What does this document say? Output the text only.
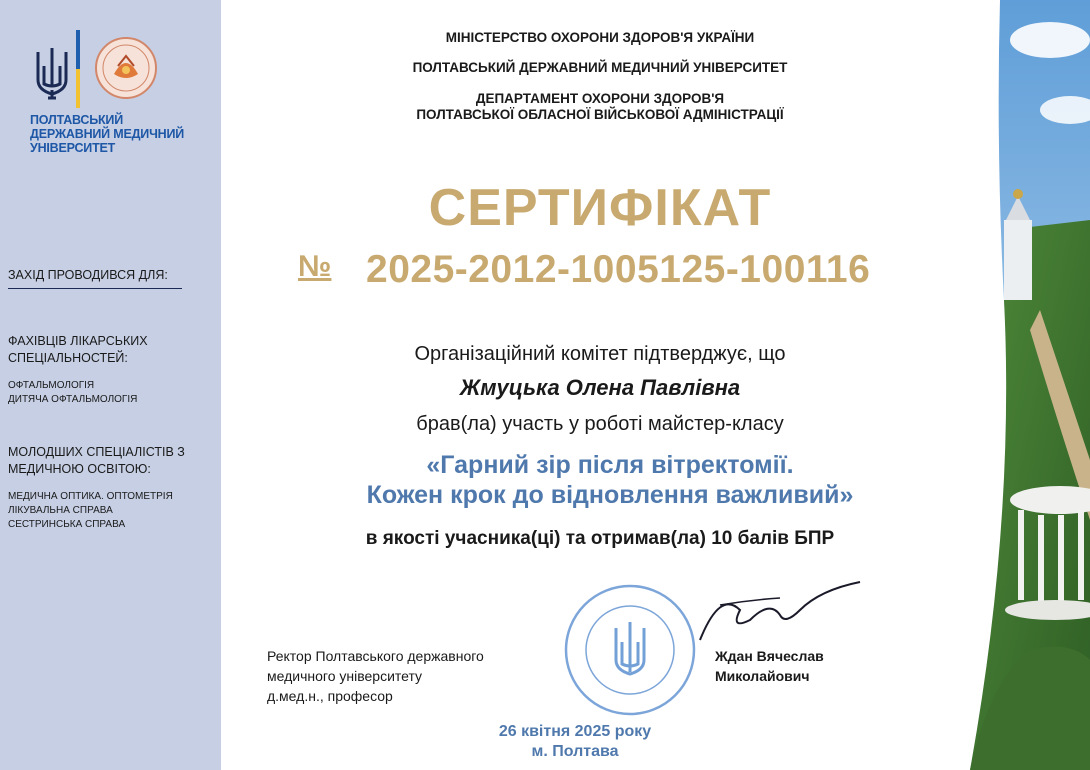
ПОЛТАВСЬКИЙ ДЕРЖАВНИЙ МЕДИЧНИЙ УНІВЕРСИТЕТ
ЗАХІД ПРОВОДИВСЯ ДЛЯ:
ФАХІВЦІВ ЛІКАРСЬКИХ СПЕЦІАЛЬНОСТЕЙ:
ОФТАЛЬМОЛОГІЯ
ДИТЯЧА ОФТАЛЬМОЛОГІЯ
МОЛОДШИХ СПЕЦІАЛІСТІВ З МЕДИЧНОЮ ОСВІТОЮ:
МЕДИЧНА ОПТИКА. ОПТОМЕТРІЯ
ЛІКУВАЛЬНА СПРАВА
СЕСТРИНСЬКА СПРАВА
МІНІСТЕРСТВО ОХОРОНИ ЗДОРОВ'Я УКРАЇНИ
ПОЛТАВСЬКИЙ ДЕРЖАВНИЙ МЕДИЧНИЙ УНІВЕРСИТЕТ
ДЕПАРТАМЕНТ ОХОРОНИ ЗДОРОВ'Я
ПОЛТАВСЬКОЇ ОБЛАСНОЇ ВІЙСЬКОВОЇ АДМІНІСТРАЦІЇ
СЕРТИФІКАТ
№ 2025-2012-1005125-100116
Організаційний комітет підтверджує, що
Жмуцька Олена Павлівна
брав(ла) участь у роботі майстер-класу
«Гарний зір після вітректомії.
Кожен крок до відновлення важливий»
в якості учасника(ці) та отримав(ла) 10 балів БПР
Ректор Полтавського державного
медичного університету
д.мед.н., професор
Ждан Вячеслав
Миколайович
26 квітня 2025 року
м. Полтава
